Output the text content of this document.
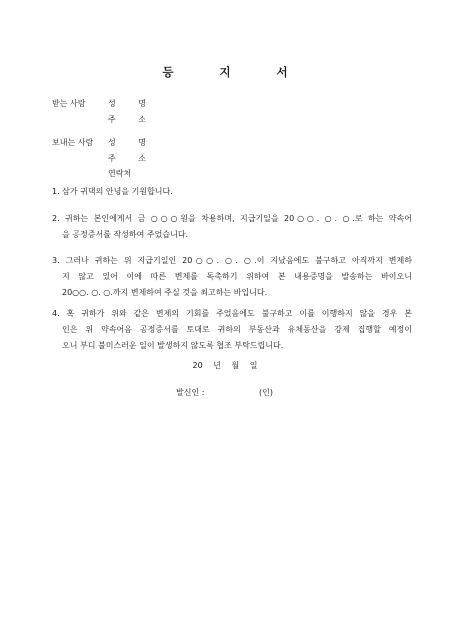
등 지 서
받는 사람	성 명
주 소
보내는 사람 성 명
주 소
연락처
1. 삼가 귀댁의 안녕을 기원합니다.
2. 귀하는 본인에게서 금 ○○○원을 차용하며, 지급기일을 20○○. ○. ○.로 하는 약속어
을 공정증서를 작성하여 주었습니다.
3. 그러나 귀하는 위 지급기일인 20○○. ○. ○.이 지났음에도 불구하고 아직까지 변제하
지 않고 있어 이에 따른 변제를 독촉하기 위하여 본 내용증명을 발송하는 바이오니
20○○. ○. ○.까지 변제하여 주실 것을 최고하는 바입니다.
4. 혹 귀하가 위와 같은 변제의 기회를 주었음에도 불구하고 이를 이행하지 않을 경우 본
인은 위 약속어음 공정증서를 토대로 귀하의 부동산과 유체동산을 강제 집행할 예정이
오니 부디 불미스러운 일이 발생하지 않도록 협조 부탁드립니다.
20 년 월 일
발신인 :	(인)
